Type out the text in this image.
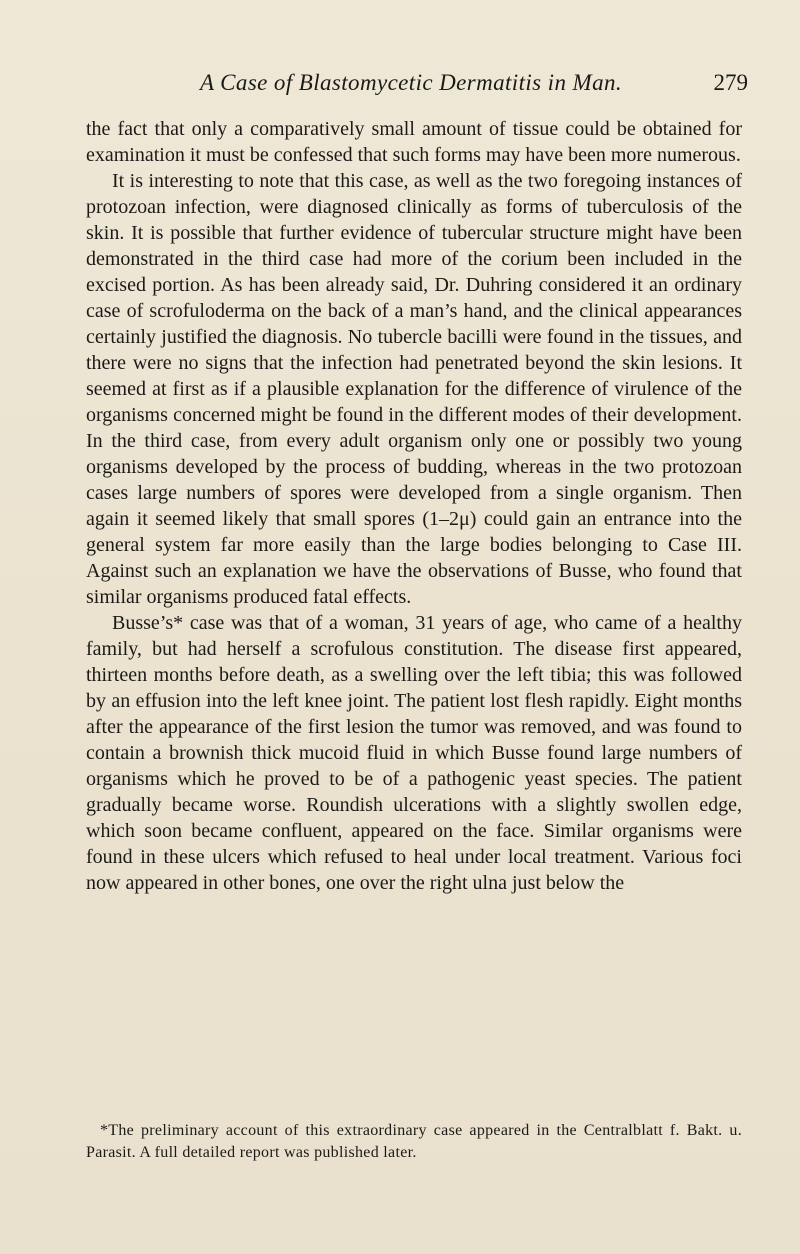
A Case of Blastomycetic Dermatitis in Man.	279

the fact that only a comparatively small amount of tissue could be obtained for examination it must be confessed that such forms may have been more numerous.

It is interesting to note that this case, as well as the two foregoing instances of protozoan infection, were diagnosed clinically as forms of tuberculosis of the skin. It is possible that further evidence of tubercular structure might have been demonstrated in the third case had more of the corium been included in the excised portion. As has been already said, Dr. Duhring considered it an ordinary case of scrofuloderma on the back of a man’s hand, and the clinical appearances certainly justified the diagnosis. No tubercle bacilli were found in the tissues, and there were no signs that the infection had penetrated beyond the skin lesions. It seemed at first as if a plausible explanation for the difference of virulence of the organisms concerned might be found in the different modes of their development. In the third case, from every adult organism only one or possibly two young organisms developed by the process of budding, whereas in the two protozoan cases large numbers of spores were developed from a single organism. Then again it seemed likely that small spores (1–2μ) could gain an entrance into the general system far more easily than the large bodies belonging to Case III. Against such an explanation we have the observations of Busse, who found that similar organisms produced fatal effects.

Busse’s* case was that of a woman, 31 years of age, who came of a healthy family, but had herself a scrofulous constitution. The disease first appeared, thirteen months before death, as a swelling over the left tibia; this was followed by an effusion into the left knee joint. The patient lost flesh rapidly. Eight months after the appearance of the first lesion the tumor was removed, and was found to contain a brownish thick mucoid fluid in which Busse found large numbers of organisms which he proved to be of a pathogenic yeast species. The patient gradually became worse. Roundish ulcerations with a slightly swollen edge, which soon became confluent, appeared on the face. Similar organisms were found in these ulcers which refused to heal under local treatment. Various foci now appeared in other bones, one over the right ulna just below the

*The preliminary account of this extraordinary case appeared in the Centralblatt f. Bakt. u. Parasit. A full detailed report was published later.
